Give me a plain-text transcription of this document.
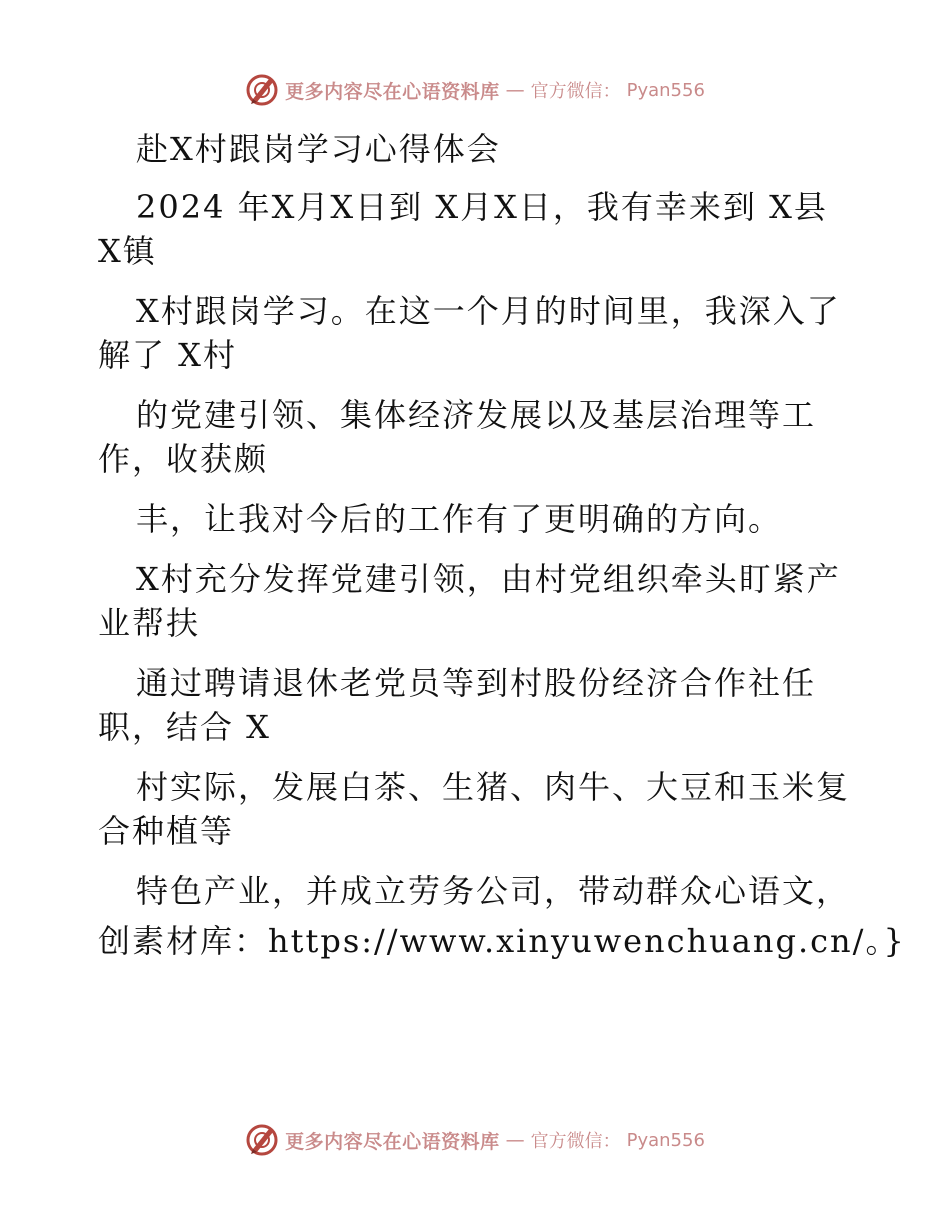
更多内容尽在心语资料库 — 官方微信： Pyan556
赴X村跟岗学习心得体会
2024 年X月X日到 X月X日，我有幸来到 X县
X镇
X村跟岗学习。在这一个月的时间里，我深入了
解了 X村
的党建引领、集体经济发展以及基层治理等工
作，收获颇
丰，让我对今后的工作有了更明确的方向。
X村充分发挥党建引领，由村党组织牵头盯紧产
业帮扶
通过聘请退休老党员等到村股份经济合作社任
职，结合 X
村实际，发展白茶、生猪、肉牛、大豆和玉米复
合种植等
特色产业，并成立劳务公司，带动群众心语文，
创素材库：https://www.xinyuwenchuang.cn/。}
更多内容尽在心语资料库 — 官方微信： Pyan556
